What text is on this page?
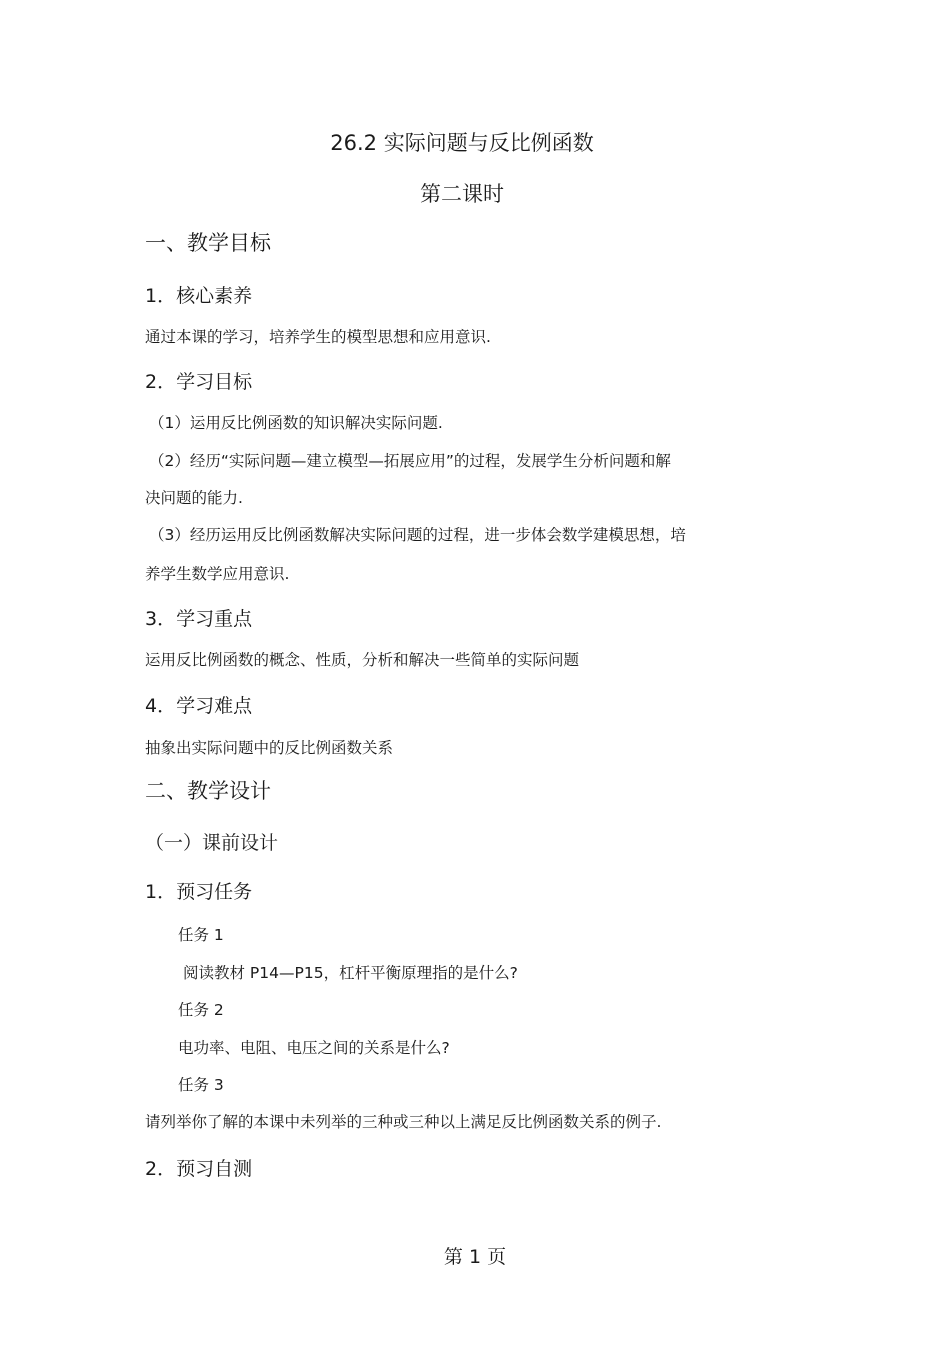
26.2 实际问题与反比例函数
第二课时
一、教学目标
1．核心素养
通过本课的学习，培养学生的模型思想和应用意识.
2．学习目标
（1）运用反比例函数的知识解决实际问题.
（2）经历“实际问题—建立模型—拓展应用”的过程，发展学生分析问题和解
决问题的能力.
（3）经历运用反比例函数解决实际问题的过程，进一步体会数学建模思想，培
养学生数学应用意识.
3．学习重点
运用反比例函数的概念、性质，分析和解决一些简单的实际问题
4．学习难点
抽象出实际问题中的反比例函数关系
二、教学设计
（一）课前设计
1．预习任务
任务 1
阅读教材 P14—P15，杠杆平衡原理指的是什么?
任务 2
电功率、电阻、电压之间的关系是什么?
任务 3
请列举你了解的本课中未列举的三种或三种以上满足反比例函数关系的例子.
2．预习自测
第 1 页
